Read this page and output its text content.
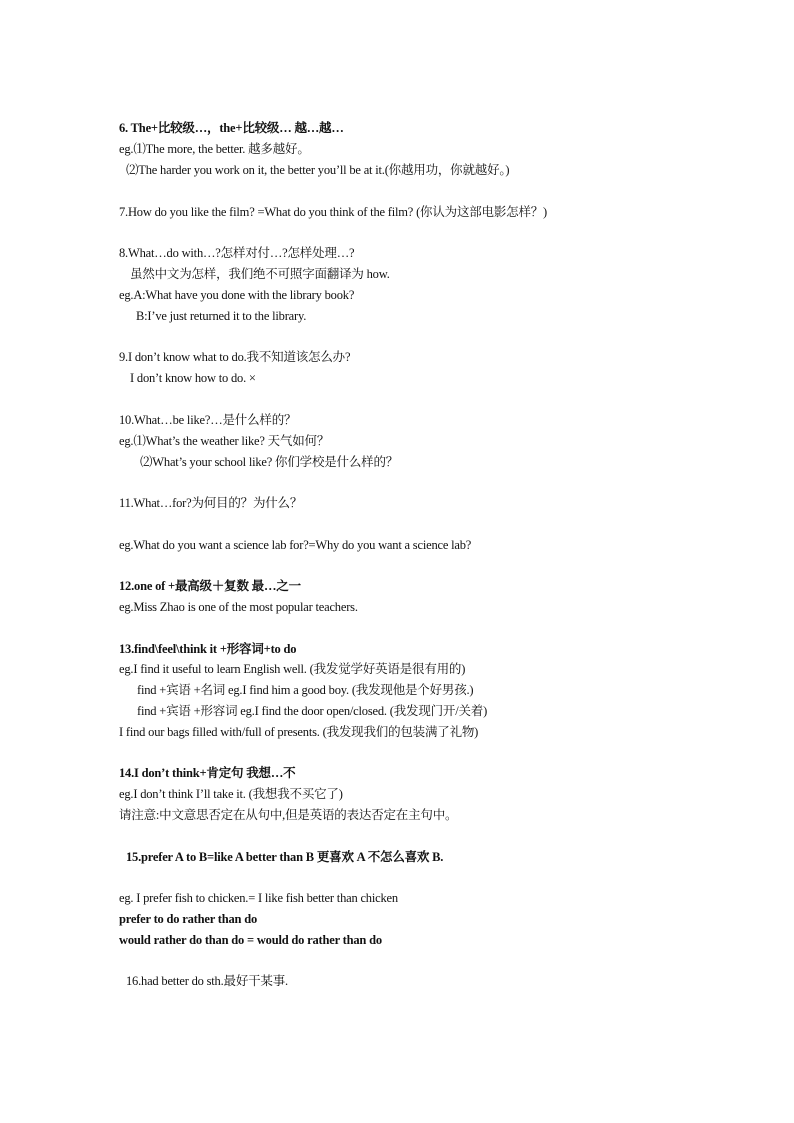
6. The+比较级…，the+比较级… 越…越…
eg.⑴The more, the better. 越多越好。
⑵The harder you work on it, the better you’ll be at it.(你越用功，你就越好。)
7.How do you like the film? =What do you think of the film? (你认为这部电影怎样？)
8.What…do with…?怎样对付…?怎样处理…?
虽然中文为怎样，我们绝不可照字面翻译为 how.
eg.A:What have you done with the library book?
B:I’ve just returned it to the library.
9.I don’t know what to do.我不知道该怎么办?
I don’t know how to do. ×
10.What…be like?…是什么样的？
eg.⑴What’s the weather like? 天气如何？
⑵What’s your school like? 你们学校是什么样的？
11.What…for?为何目的？为什么？
eg.What do you want a science lab for?=Why do you want a science lab?
12.one of +最高级＋复数 最…之一
eg.Miss Zhao is one of the most popular teachers.
13.find\feel\think it +形容词+to do
eg.I find it useful to learn English well. (我发觉学好英语是很有用的)
find +宾语 +名词 eg.I find him a good boy. (我发现他是个好男孩.)
find +宾语 +形容词 eg.I find the door open/closed. (我发现门开/关着)
I find our bags filled with/full of presents. (我发现我们的包装满了礼物)
14.I don’t think+肯定句 我想…不
eg.I don’t think I’ll take it. (我想我不买它了)
请注意:中文意思否定在从句中,但是英语的表达否定在主句中。
15.prefer A to B=like A better than B 更喜欢 A 不怎么喜欢 B.
eg. I prefer fish to chicken.= I like fish better than chicken
prefer to do rather than do
would rather do than do = would do rather than do
16.had better do sth.最好干某事.
